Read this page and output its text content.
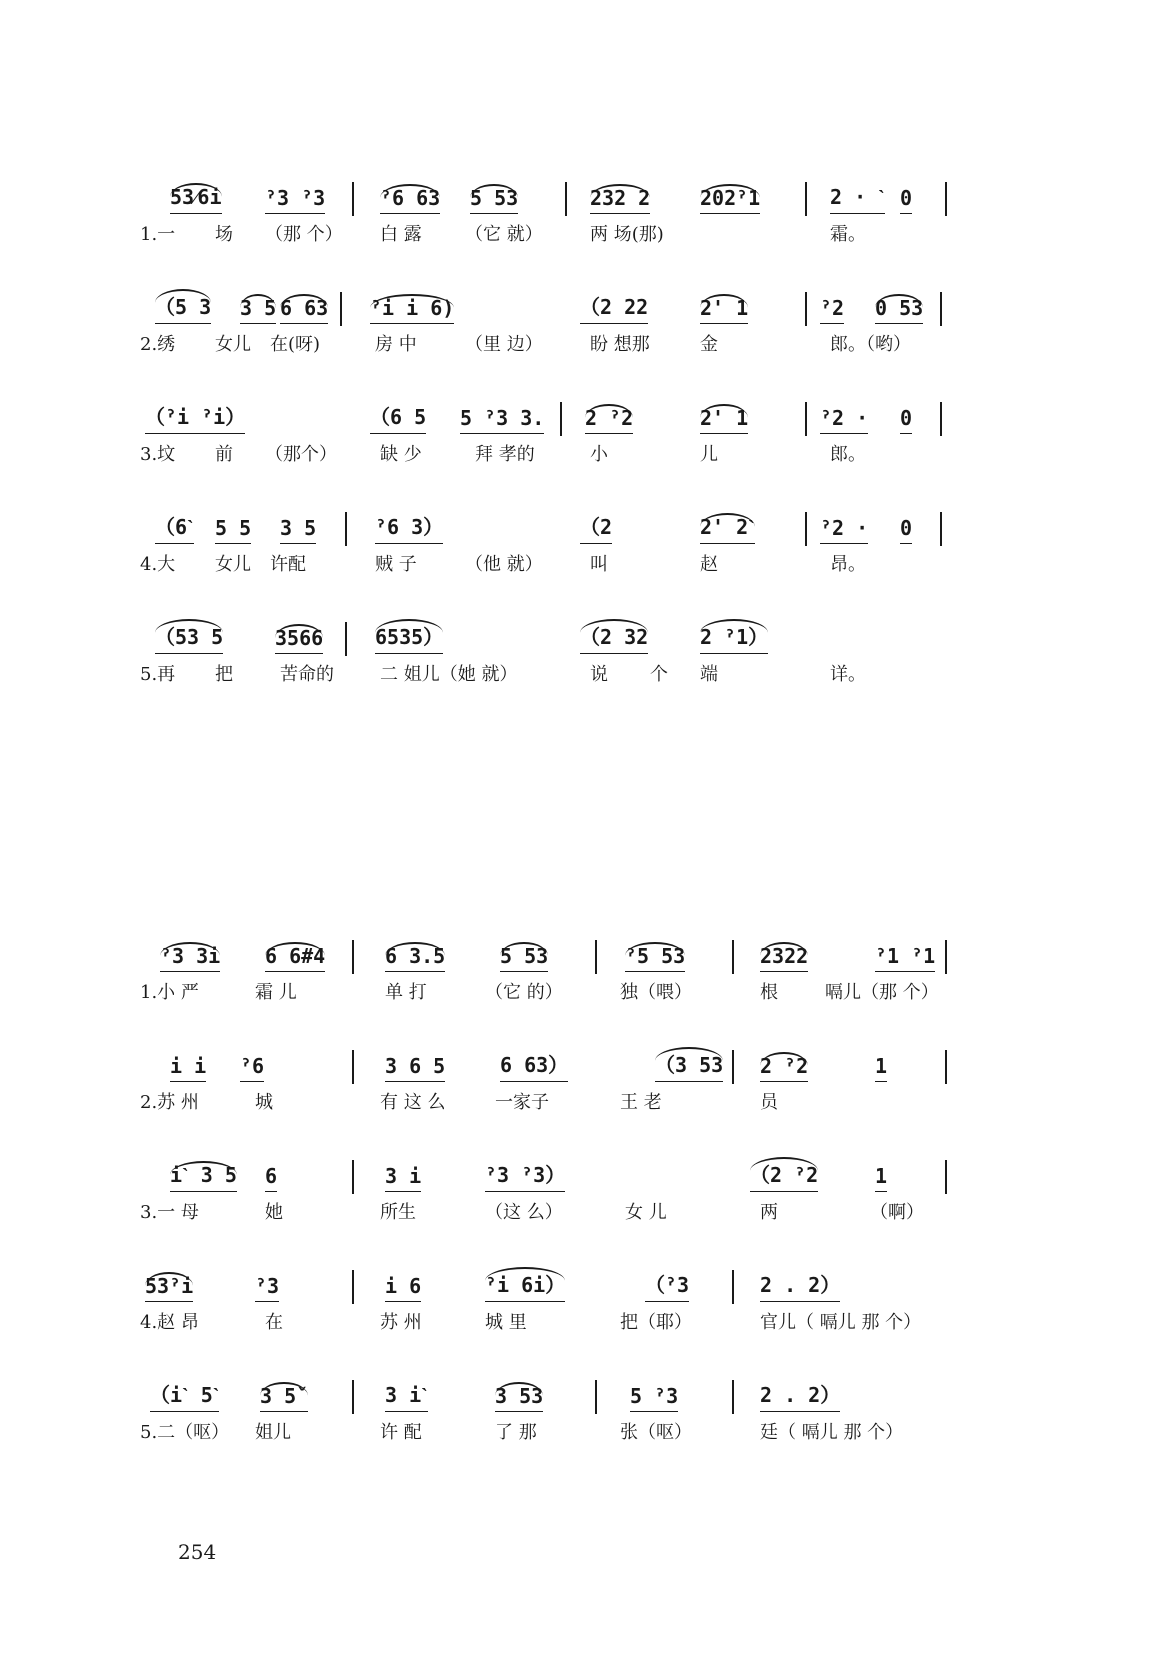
53⁄6i ˀ3 ˀ3	ˀ6 63 5 53	232 2 202ˀ1	2 · ˋ 0
1.一 场 （那 个） 白 露 （它 就）	两 场(那)	霜。
（5 3 3 5 6 63 ˀi i 6)	（2 22	2' 1	ˀ2 0 53
2.绣 女儿 在(呀)	房 中	（里 边）	盼 想那	金	郎。（哟）
（ˀi ˀi）	（6 5 5 ˀ3 3. 2 ˀ2	2' 1	ˀ2 · 0
3.坟 前 （那个） 缺 少	拜 孝的	小	儿	郎。
（6ˋ 5 5 3 5	ˀ6 3）	（2	2' 2ˋ	ˀ2 · 0
4.大 女儿 许配	贼 子	（他 就）	叫	赵	昂。
（53 5	3566	6535）	（2 32	2 ˀ1）
5.再 把	苦命的	二 姐儿（她 就）	说 个 端	详。
ˀ3 3i 6 6#4	6 3.5	5 53	ˀ5 53	2322	ˀ1 ˀ1
1.小 严	霜 儿	单 打	（它 的）	独（喂）	根	嗝儿（那 个）
i i ˀ6	3 6 5	6 63）	（3 53 2 ˀ2	1
2.苏 州	城	有 这 么	一家子	王 老	员
iˋ 3 5 6	3 i	ˀ3 ˀ3）	（2 ˀ2	1
3.一 母	她	所生	（这 么）	女 儿	两	（啊）
53ˀi	ˀ3	i 6	ˀi 6i）	（ˀ3	2 . 2）
4.赵 昂	在	苏 州	城 里	把（耶）	官儿（ 嗝儿 那 个）
（iˋ 5ˋ 3 5ˇ	3 iˋ	3 53	5 ˀ3	2 . 2）
5.二（呕） 姐儿	许 配	了 那	张（呕）	廷（ 嗝儿 那 个）
254
